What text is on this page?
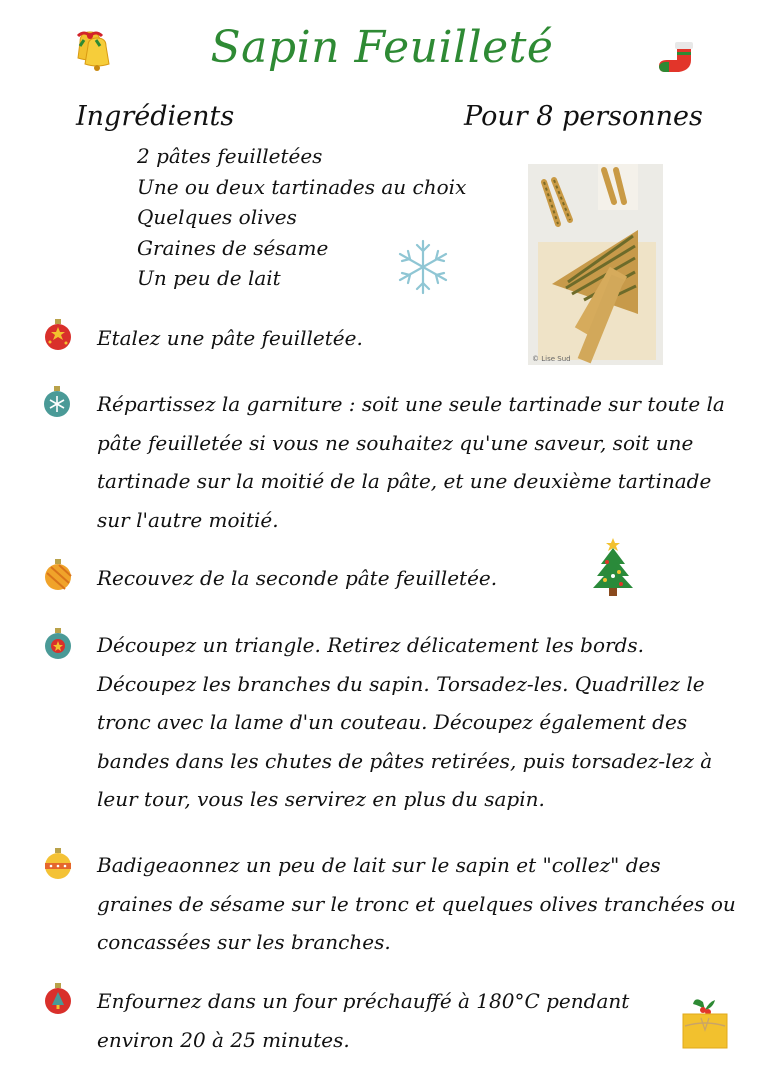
Sapin Feuilleté
Ingrédients	Pour 8 personnes
2 pâtes feuilletées
Une ou deux tartinades au choix
Quelques olives
Graines de sésame
Un peu de lait
© Lise Sud
Etalez une pâte feuilletée.
Répartissez la garniture : soit une seule tartinade sur toute la pâte feuilletée si vous ne souhaitez qu'une saveur, soit une tartinade sur la moitié de la pâte, et une deuxième tartinade sur l'autre moitié.
Recouvez de la seconde pâte feuilletée.
Découpez un triangle. Retirez délicatement les bords. Découpez les branches du sapin. Torsadez-les. Quadrillez le tronc avec la lame d'un couteau. Découpez également des bandes dans les chutes de pâtes retirées, puis torsadez-lez à leur tour, vous les servirez en plus du sapin.
Badigeaonnez un peu de lait sur le sapin et "collez" des graines de sésame sur le tronc et quelques olives tranchées ou concassées sur les branches.
Enfournez dans un four préchauffé à 180°C pendant environ 20 à 25 minutes.
